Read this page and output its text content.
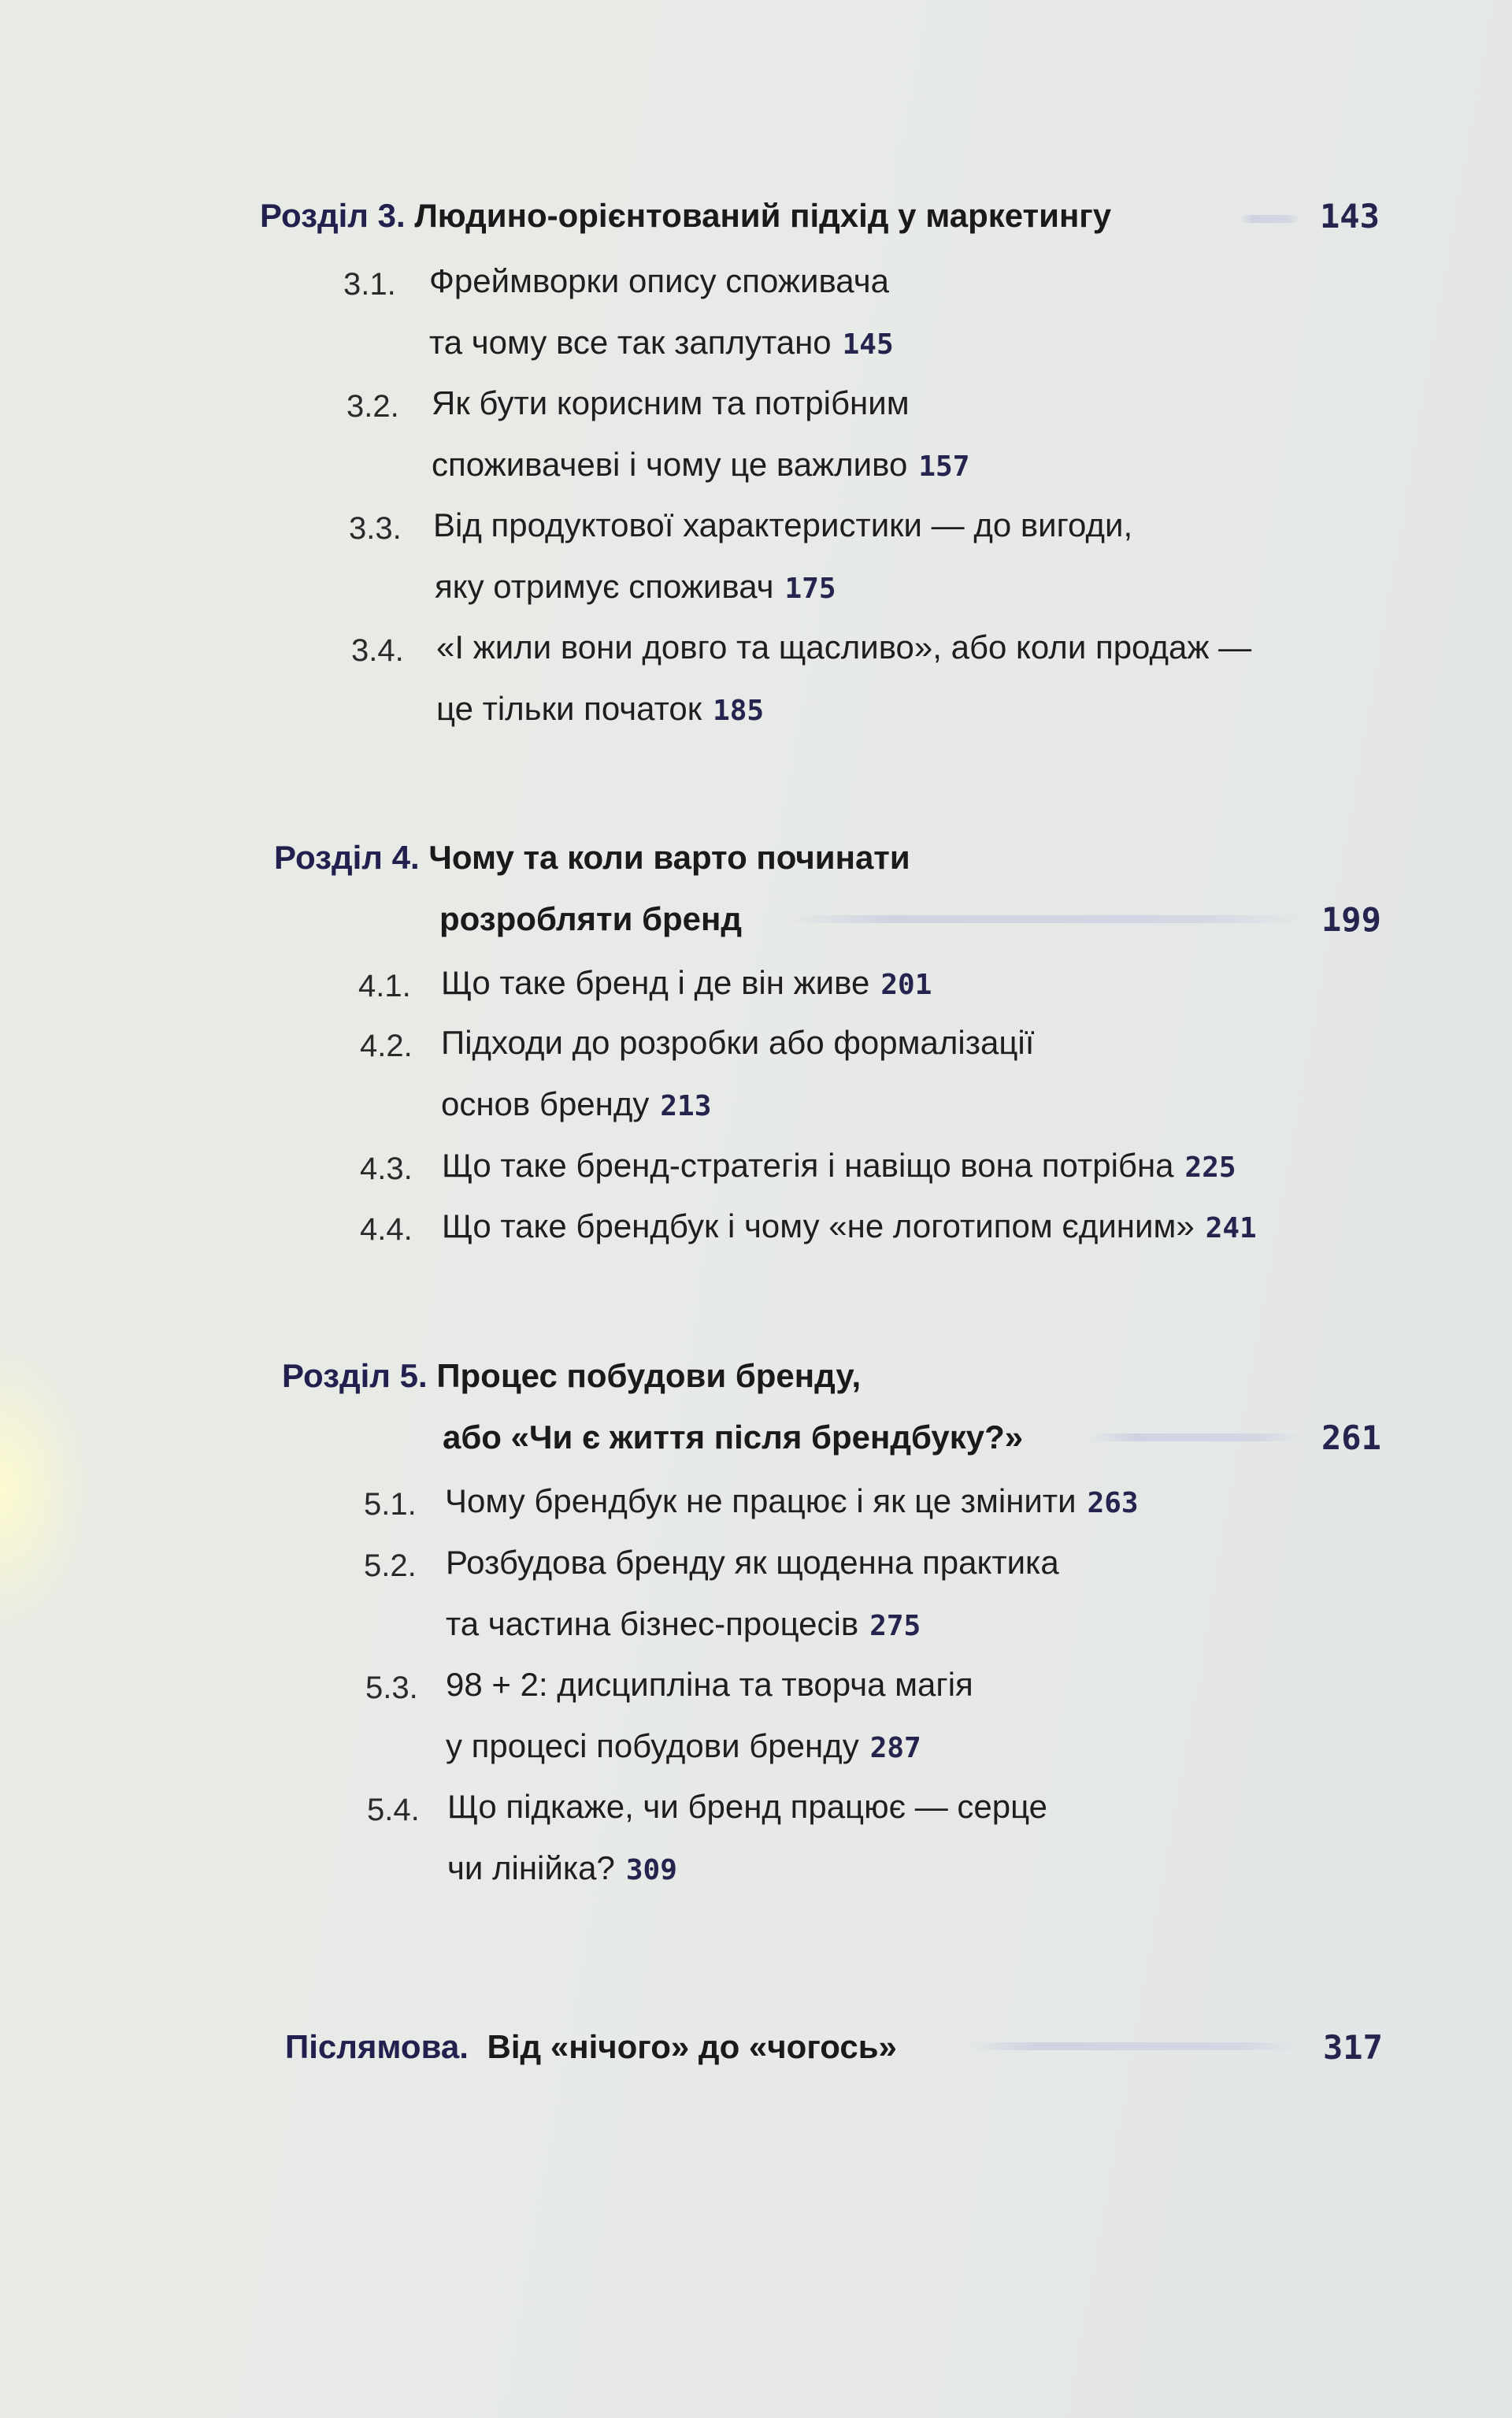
Розділ 3. Людино-орієнтований підхід у маркетингу	143
3.1. Фреймворки опису споживача
та чому все так заплутано 145
3.2. Як бути корисним та потрібним
споживачеві і чому це важливо 157
3.3. Від продуктової характеристики — до вигоди,
яку отримує споживач 175
3.4. «І жили вони довго та щасливо», або коли продаж —
це тільки початок 185
Розділ 4. Чому та коли варто починати
розробляти бренд	199
4.1. Що таке бренд і де він живе 201
4.2. Підходи до розробки або формалізації
основ бренду 213
4.3. Що таке бренд-стратегія і навіщо вона потрібна 225
4.4. Що таке брендбук і чому «не логотипом єдиним» 241
Розділ 5. Процес побудови бренду,
або «Чи є життя після брендбуку?»	261
5.1. Чому брендбук не працює і як це змінити 263
5.2. Розбудова бренду як щоденна практика
та частина бізнес-процесів 275
5.3. 98 + 2: дисципліна та творча магія
у процесі побудови бренду 287
5.4. Що підкаже, чи бренд працює — серце
чи лінійка? 309
Післямова. Від «нічого» до «чогось»	317
